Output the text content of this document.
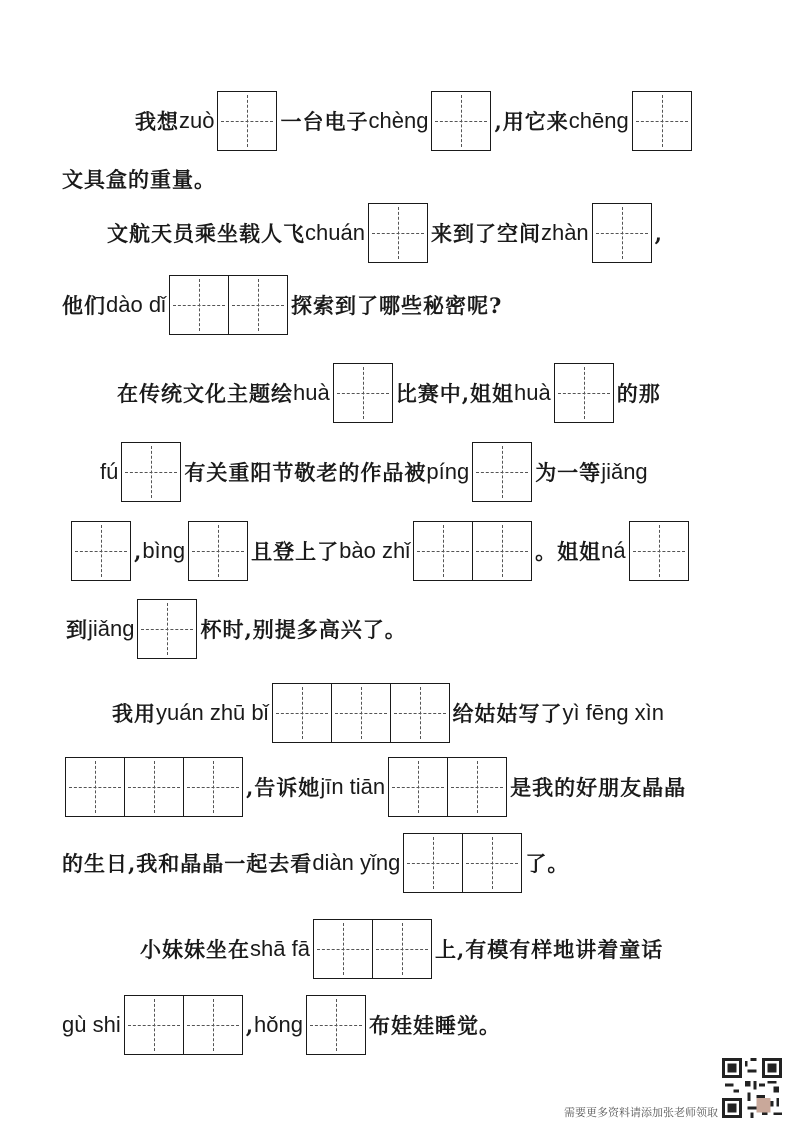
我想 zuò	一台电子 chèng	,用它来 chēng
文具盒的重量。
文航天员乘坐载人飞 chuán	来到了空间 zhàn	,
他们 dào dǐ	探索到了哪些秘密呢?
在传统文化主题绘 huà	比赛中,姐姐 huà	的那
fú	有关重阳节敬老的作品被 píng	为一等 jiǎng
, bìng	且登上了 bào zhǐ	。姐姐 ná
到 jiǎng	杯时,别提多高兴了。
我用 yuán zhū bǐ	给姑姑写了 yì fēng xìn
,告诉她 jīn tiān	是我的好朋友晶晶
的生日,我和晶晶一起去看 diàn yǐng	了。
小妹妹坐在 shā fā	上,有模有样地讲着童话
gù shi	, hǒng	布娃娃睡觉。
需要更多资料请添加张老师领取
